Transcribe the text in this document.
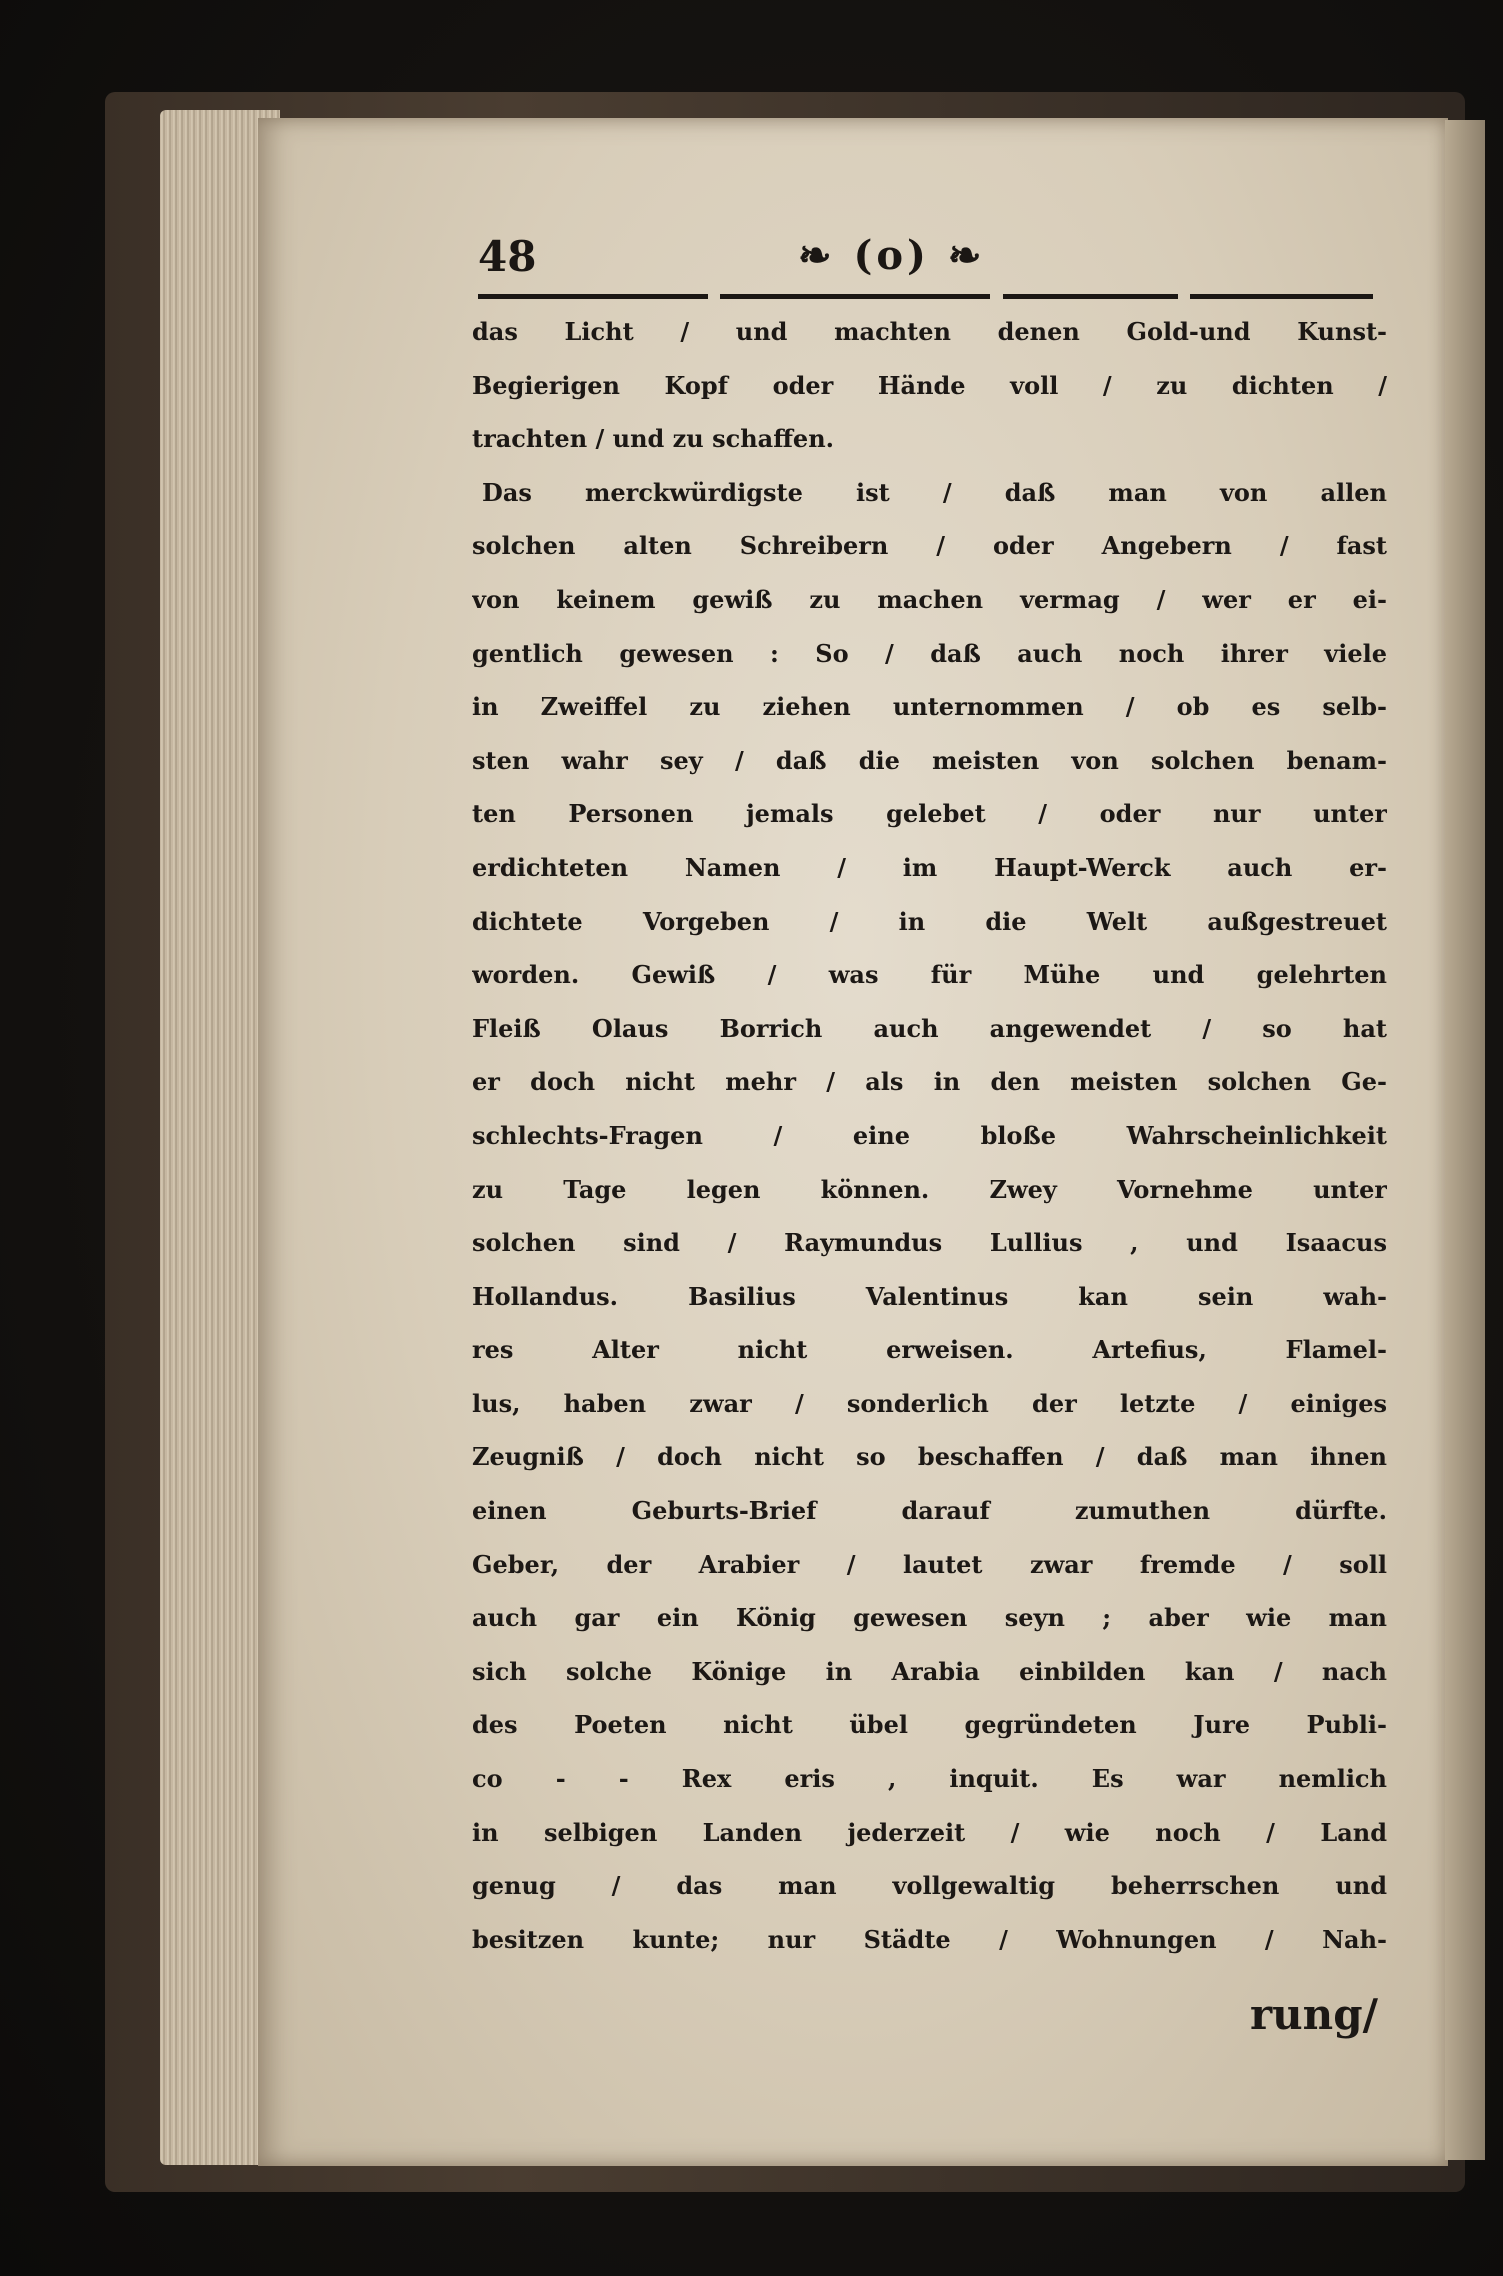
48	❧ (o) ❧
das Licht / und machten denen Gold-und Kunst-
Begierigen Kopf oder Hände voll / zu dichten /
trachten / und zu schaffen.
Das merckwürdigste ist / daß man von allen
solchen alten Schreibern / oder Angebern / fast
von keinem gewiß zu machen vermag / wer er ei-
gentlich gewesen : So / daß auch noch ihrer viele
in Zweiffel zu ziehen unternommen / ob es selb-
sten wahr sey / daß die meisten von solchen benam-
ten Personen jemals gelebet / oder nur unter
erdichteten Namen / im Haupt-Werck auch er-
dichtete Vorgeben / in die Welt außgestreuet
worden. Gewiß / was für Mühe und gelehrten
Fleiß Olaus Borrich auch angewendet / so hat
er doch nicht mehr / als in den meisten solchen Ge-
schlechts-Fragen / eine bloße Wahrscheinlichkeit
zu Tage legen können. Zwey Vornehme unter
solchen sind / Raymundus Lullius , und Isaacus
Hollandus. Basilius Valentinus kan sein wah-
res Alter nicht erweisen. Artefius, Flamel-
lus, haben zwar / sonderlich der letzte / einiges
Zeugniß / doch nicht so beschaffen / daß man ihnen
einen Geburts-Brief darauf zumuthen dürfte.
Geber, der Arabier / lautet zwar fremde / soll
auch gar ein König gewesen seyn ; aber wie man
sich solche Könige in Arabia einbilden kan / nach
des Poeten nicht übel gegründeten Jure Publi-
co - - Rex eris , inquit. Es war nemlich
in selbigen Landen jederzeit / wie noch / Land
genug / das man vollgewaltig beherrschen und
besitzen kunte; nur Städte / Wohnungen / Nah-
rung/
